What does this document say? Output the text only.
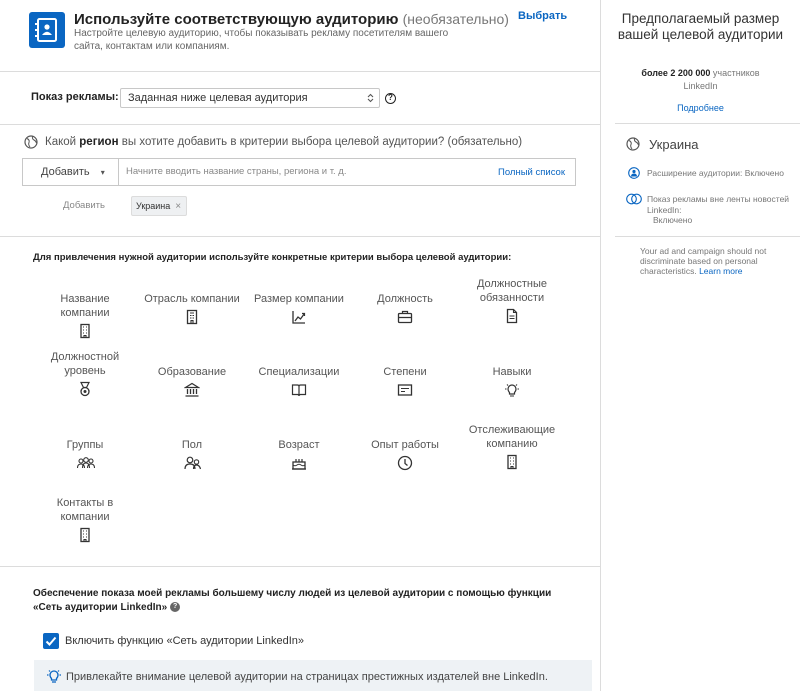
Используйте соответствующую аудиторию (необязательно)
Настройте целевую аудиторию, чтобы показывать рекламу посетителям вашего сайта, контактам или компаниям.
Выбрать
Показ рекламы: Заданная ниже целевая аудитория	?
Какой регион вы хотите добавить в критерии выбора целевой аудитории? (обязательно)
Добавить ▾	Начните вводить название страны, региона и т. д.	Полный список
Добавить	Украина ×
Для привлечения нужной аудитории используйте конкретные критерии выбора целевой аудитории:
Название компании
Отрасль компании	Размер компании	Должность
Должностные обязанности
Должностной уровень	Образование	Специализации	Степени	Навыки
Группы	Пол	Возраст	Опыт работы
Отслеживающие компанию
Контакты в компании
Обеспечение показа моей рекламы большему числу людей из целевой аудитории с помощью функции «Сеть аудитории LinkedIn» ?
Включить функцию «Сеть аудитории LinkedIn»
Привлекайте внимание целевой аудитории на страницах престижных издателей вне LinkedIn.
Предполагаемый размер вашей целевой аудитории
более 2 200 000 участников
LinkedIn
Подробнее
Украина
Расширение аудитории: Включено
Показ рекламы вне ленты новостей LinkedIn:
Включено
Your ad and campaign should not discriminate based on personal characteristics. Learn more
